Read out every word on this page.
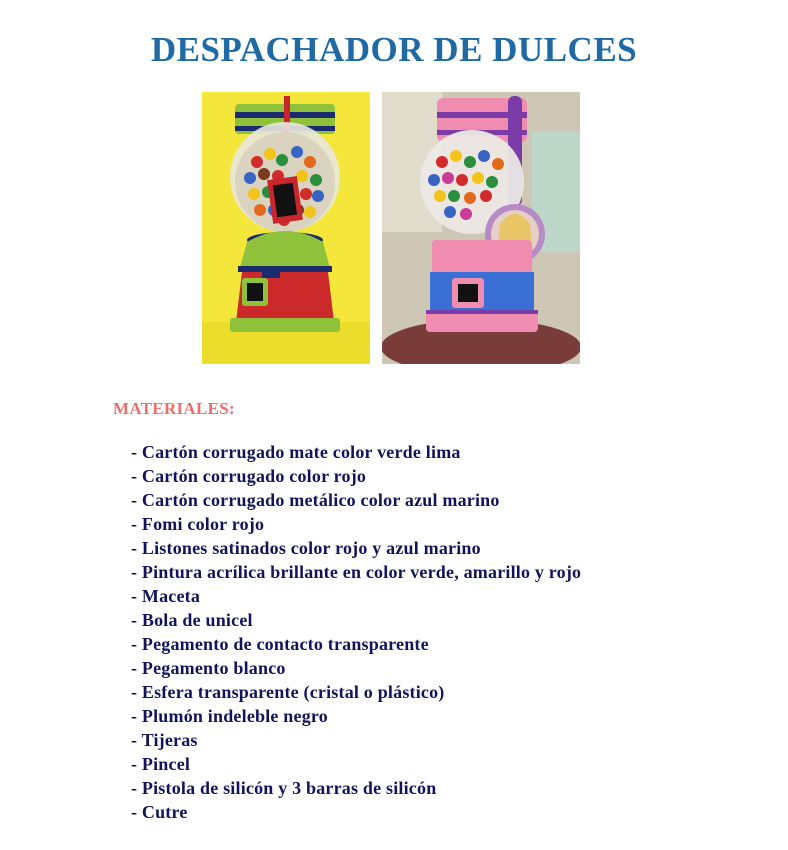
DESPACHADOR DE DULCES
MATERIALES:
- Cartón corrugado mate color verde lima
- Cartón corrugado color rojo
- Cartón corrugado metálico color azul marino
- Fomi color rojo
- Listones satinados color rojo y azul marino
- Pintura acrílica brillante en color verde, amarillo y rojo
- Maceta
- Bola de unicel
- Pegamento de contacto transparente
- Pegamento blanco
- Esfera transparente (cristal o plástico)
- Plumón indeleble negro
- Tijeras
- Pincel
- Pistola de silicón y 3 barras de silicón
- Cutre
